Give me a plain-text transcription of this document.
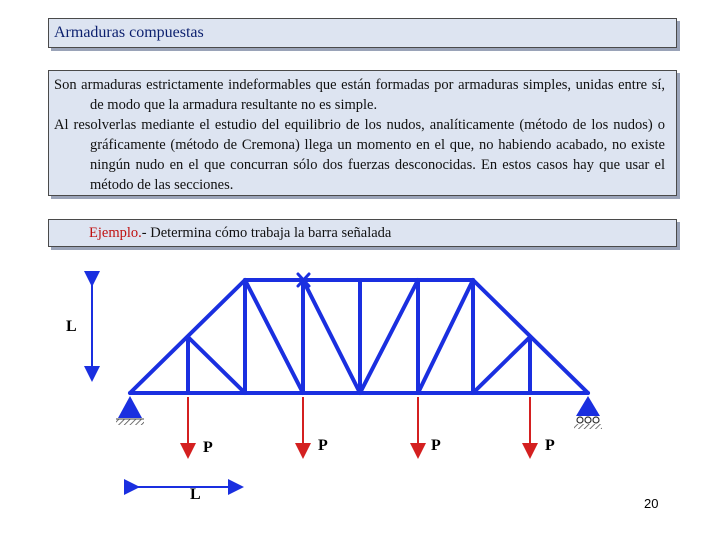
Armaduras compuestas
Son armaduras estrictamente indeformables que están formadas por armaduras simples, unidas entre sí, de modo que la armadura resultante no es simple.
Al resolverlas mediante el estudio del equilibrio de los nudos, analíticamente (método de los nudos) o gráficamente (método de Cremona) llega un momento en el que, no habiendo acabado, no existe ningún nudo en el que concurran sólo dos fuerzas desconocidas. En estos casos hay que usar el método de las secciones.
Ejemplo.- Determina cómo trabaja la barra señalada
L
L
P	P	P	P
20
